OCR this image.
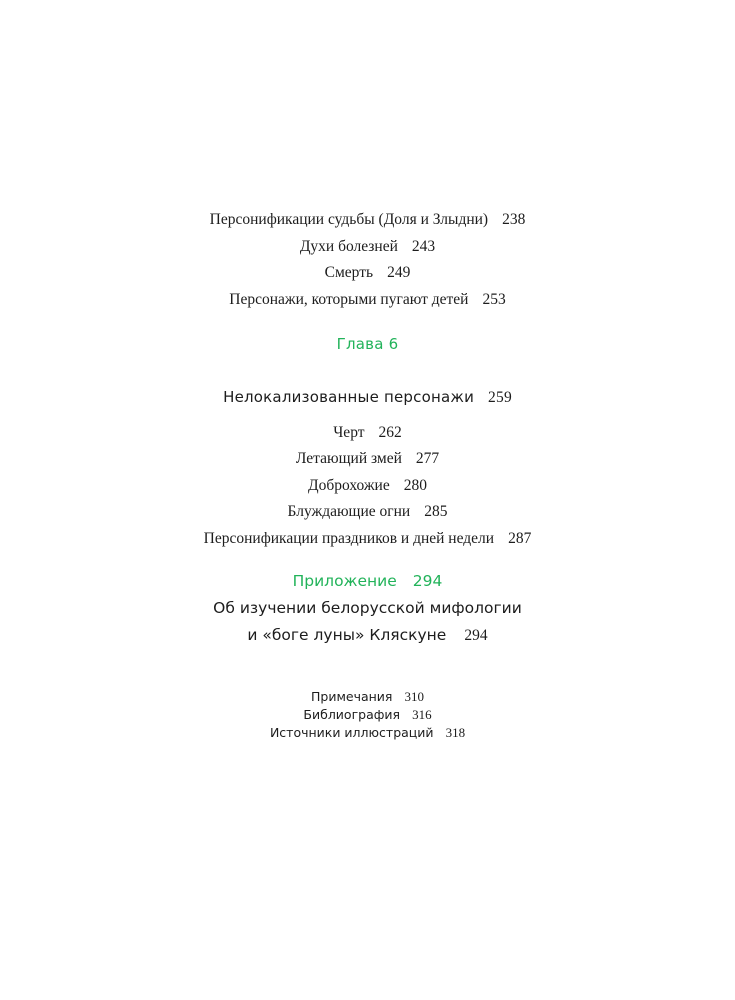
Персонификации судьбы (Доля и Злыдни) 238
Духи болезней 243
Смерть 249
Персонажи, которыми пугают детей 253
Глава 6
Нелокализованные персонажи 259
Черт 262
Летающий змей 277
Доброхожие 280
Блуждающие огни 285
Персонификации праздников и дней недели 287
Приложение 294
Об изучении белорусской мифологии
и «боге луны» Кляскуне 294
Примечания 310
Библиография 316
Источники иллюстраций 318
